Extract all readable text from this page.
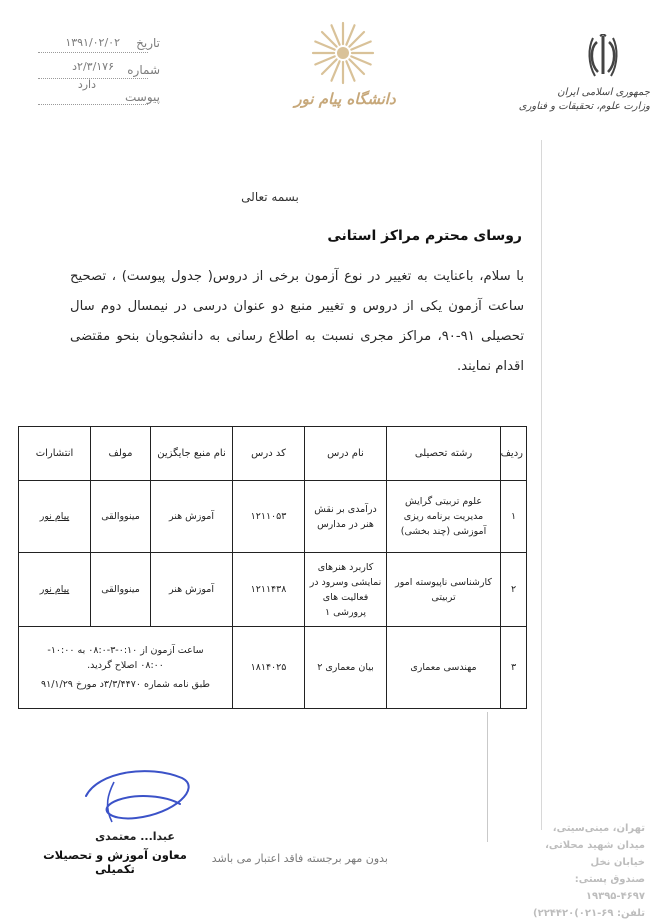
تاریخ
۱۳۹۱/۰۲/۰۲
شماره
۲/۳/۱۷۶د
دارد
پیوست	دانشگاه پیام نور	جمهوری اسلامی ایران
وزارت علوم، تحقیقات و فناوری
بسمه تعالی
روسای محترم مراکز استانی
با سلام، باعنایت به تغییر در نوع آزمون برخی از دروس( جدول پیوست) ، تصحیح ساعت آزمون یکی از دروس و تغییر منبع دو عنوان درسی در نیمسال دوم سال تحصیلی ۹۱-۹۰، مراکز مجری نسبت به اطلاع رسانی به دانشجویان بنحو مقتضی اقدام نمایند.
ردیف	رشته تحصیلی	نام درس	کد درس	نام منبع جایگزین	مولف	انتشارات
۱	علوم تربیتی گرایش مدیریت برنامه ریزی آموزشی (چند بخشی)	درآمدی بر نقش هنر در مدارس	۱۲۱۱۰۵۳	آموزش هنر	مینووالقی	پیام نور
۲	کارشناسی ناپیوسته امور تربیتی	کاربرد هنرهای نمایشی وسرود در فعالیت های پرورشی ۱	۱۲۱۱۴۳۸	آموزش هنر	مینووالقی	پیام نور
۳	مهندسی معماری	بیان معماری ۲	۱۸۱۴۰۲۵	ساعت آزمون از ۰:۱۰-۳-۰۸:۰ به ۱۰:۰۰-
۰۸:۰۰ اصلاح گردید.
طبق نامه شماره ۳/۳/۴۴۷۰د مورخ ۹۱/۱/۲۹		
عبدا... معتمدی
معاون آموزش و تحصیلات تکمیلی
بدون مهر برجسته فاقد اعتبار می باشد
تهران، مینی‌سیتی،
میدان شهید محلاتی،
خیابان نخل
صندوق پستی: ۴۶۹۷-۱۹۳۹۵
تلفن: ۶۹-۰۲۱)۲۲۴۴۲۰)
